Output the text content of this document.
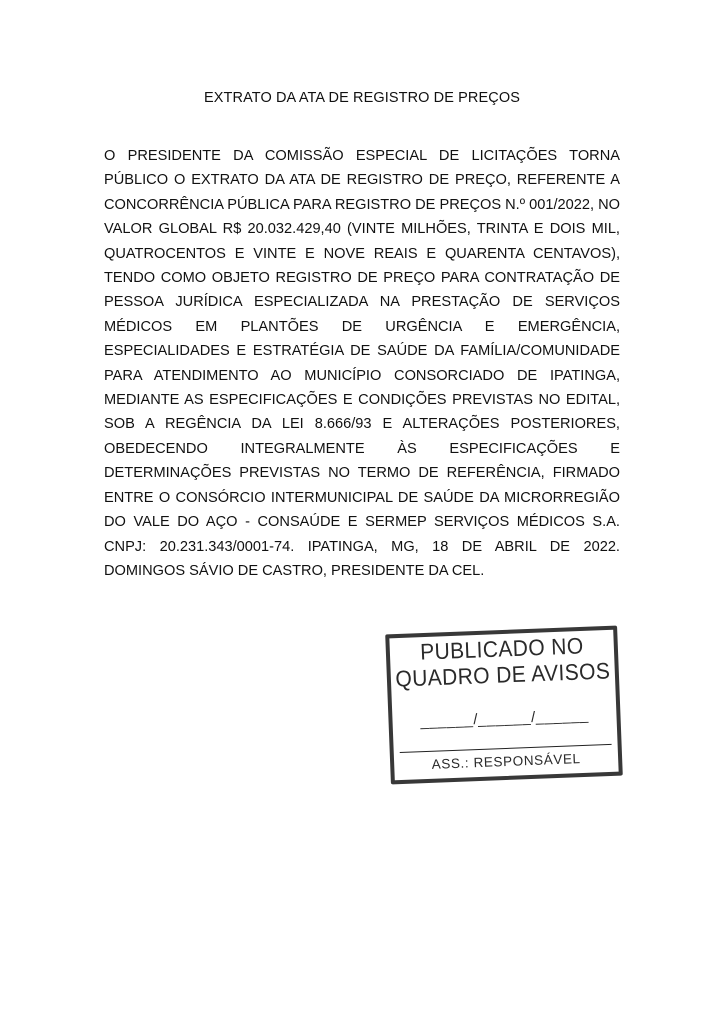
EXTRATO DA ATA DE REGISTRO DE PREÇOS
O PRESIDENTE DA COMISSÃO ESPECIAL DE LICITAÇÕES TORNA
PÚBLICO O EXTRATO DA ATA DE REGISTRO DE PREÇO, REFERENTE A
CONCORRÊNCIA PÚBLICA PARA REGISTRO DE PREÇOS N.º 001/2022, NO
VALOR GLOBAL R$ 20.032.429,40 (VINTE MILHÕES, TRINTA E DOIS MIL,
QUATROCENTOS E VINTE E NOVE REAIS E QUARENTA CENTAVOS),
TENDO COMO OBJETO REGISTRO DE PREÇO PARA CONTRATAÇÃO DE
PESSOA JURÍDICA ESPECIALIZADA NA PRESTAÇÃO DE SERVIÇOS
MÉDICOS EM PLANTÕES DE URGÊNCIA E EMERGÊNCIA,
ESPECIALIDADES E ESTRATÉGIA DE SAÚDE DA FAMÍLIA/COMUNIDADE
PARA ATENDIMENTO AO MUNICÍPIO CONSORCIADO DE IPATINGA,
MEDIANTE AS ESPECIFICAÇÕES E CONDIÇÕES PREVISTAS NO EDITAL,
SOB A REGÊNCIA DA LEI 8.666/93 E ALTERAÇÕES POSTERIORES,
OBEDECENDO INTEGRALMENTE ÀS ESPECIFICAÇÕES E
DETERMINAÇÕES PREVISTAS NO TERMO DE REFERÊNCIA, FIRMADO
ENTRE O CONSÓRCIO INTERMUNICIPAL DE SAÚDE DA MICRORREGIÃO
DO VALE DO AÇO - CONSAÚDE E SERMEP SERVIÇOS MÉDICOS S.A.
CNPJ: 20.231.343/0001-74. IPATINGA, MG, 18 DE ABRIL DE 2022.
DOMINGOS SÁVIO DE CASTRO, PRESIDENTE DA CEL.
PUBLICADO NO
QUADRO DE AVISOS
______/______/______
ASS.: RESPONSÁVEL
